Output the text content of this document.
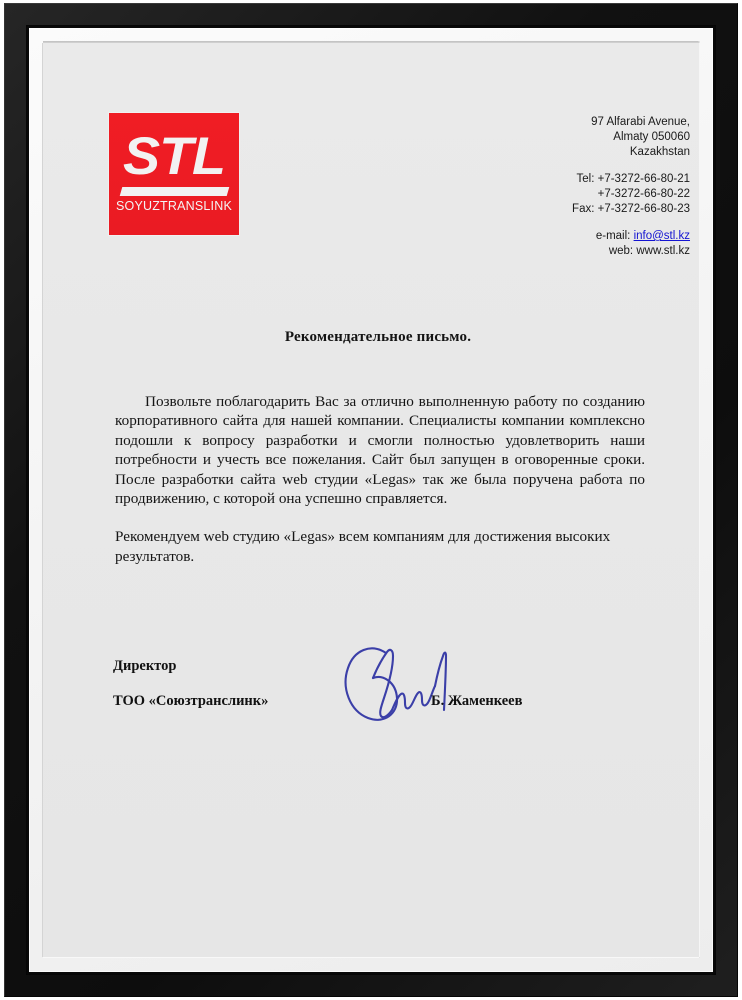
STL
SOYUZTRANSLINK
97 Alfarabi Avenue,
Almaty 050060
Kazakhstan
Tel: +7-3272-66-80-21
+7-3272-66-80-22
Fax: +7-3272-66-80-23
e-mail: info@stl.kz
web: www.stl.kz
Рекомендательное письмо.

Позвольте поблагодарить Вас за отлично выполненную работу по созданию корпоративного сайта для нашей компании. Специалисты компании комплексно подошли к вопросу разработки и смогли полностью удовлетворить наши потребности и учесть все пожелания. Сайт был запущен в оговоренные сроки. После разработки сайта web студии «Legas» так же была поручена работа по продвижению, с которой она успешно справляется.

Рекомендуем web студию «Legas» всем компаниям для достижения высоких результатов.

Директор
ТОО «Союзтранслинк»	Б. Жаменкеев
